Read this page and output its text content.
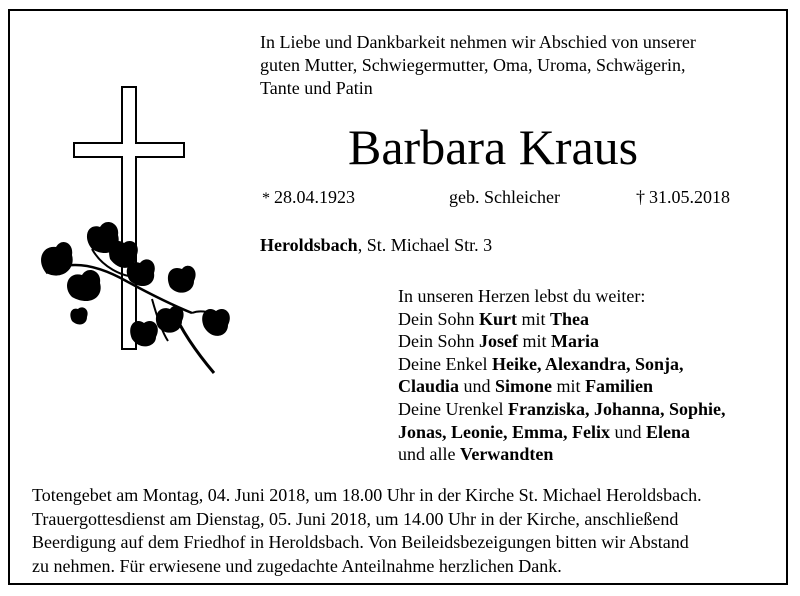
In Liebe und Dankbarkeit nehmen wir Abschied von unserer
guten Mutter, Schwiegermutter, Oma, Uroma, Schwägerin,
Tante und Patin
Barbara Kraus
* 28.04.1923	geb. Schleicher	† 31.05.2018
Heroldsbach, St. Michael Str. 3
In unseren Herzen lebst du weiter:
Dein Sohn Kurt mit Thea
Dein Sohn Josef mit Maria
Deine Enkel Heike, Alexandra, Sonja,
Claudia und Simone mit Familien
Deine Urenkel Franziska, Johanna, Sophie,
Jonas, Leonie, Emma, Felix und Elena
und alle Verwandten
Totengebet am Montag, 04. Juni 2018, um 18.00 Uhr in der Kirche St. Michael Heroldsbach.
Trauergottesdienst am Dienstag, 05. Juni 2018, um 14.00 Uhr in der Kirche, anschließend
Beerdigung auf dem Friedhof in Heroldsbach. Von Beileidsbezeigungen bitten wir Abstand
zu nehmen. Für erwiesene und zugedachte Anteilnahme herzlichen Dank.
